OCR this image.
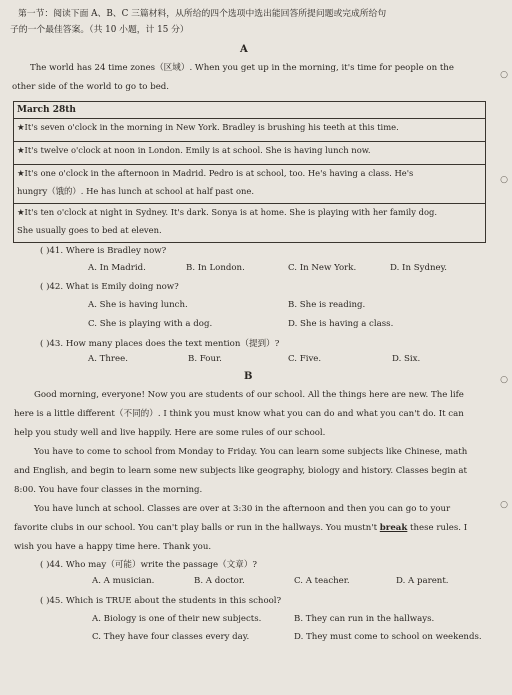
第一节：阅读下面 A、B、C 三篇材料，从所给的四个选项中选出能回答所提问题或完成所给句
子的一个最佳答案。（共 10 小题，计 15 分）
A
The world has 24 time zones（区域）. When you get up in the morning, it's time for people on the
other side of the world to go to bed.
March 28th
★It's seven o'clock in the morning in New York. Bradley is brushing his teeth at this time.
★It's twelve o'clock at noon in London. Emily is at school. She is having lunch now.

★It's one o'clock in the afternoon in Madrid. Pedro is at school, too. He's having a class. He's
hungry（饿的）. He has lunch at school at half past one.

★It's ten o'clock at night in Sydney. It's dark. Sonya is at home. She is playing with her family dog.
She usually goes to bed at eleven.
( )41. Where is Bradley now?
A. In Madrid.	B. In London.	C. In New York.	D. In Sydney.
( )42. What is Emily doing now?
A. She is having lunch.	B. She is reading.
C. She is playing with a dog.	D. She is having a class.
( )43. How many places does the text mention（提到）?
A. Three.	B. Four.	C. Five.	D. Six.
B
Good morning, everyone! Now you are students of our school. All the things here are new. The life
here is a little different（不同的）. I think you must know what you can do and what you can't do. It can
help you study well and live happily. Here are some rules of our school.
You have to come to school from Monday to Friday. You can learn some subjects like Chinese, math
and English, and begin to learn some new subjects like geography, biology and history. Classes begin at
8:00. You have four classes in the morning.
You have lunch at school. Classes are over at 3:30 in the afternoon and then you can go to your
favorite clubs in our school. You can't play balls or run in the hallways. You mustn't break these rules. I
wish you have a happy time here. Thank you.
( )44. Who may（可能）write the passage（文章）?
A. A musician.	B. A doctor.	C. A teacher.	D. A parent.
( )45. Which is TRUE about the students in this school?
A. Biology is one of their new subjects.	B. They can run in the hallways.
C. They have four classes every day.	D. They must come to school on weekends.
○
○
○
○
